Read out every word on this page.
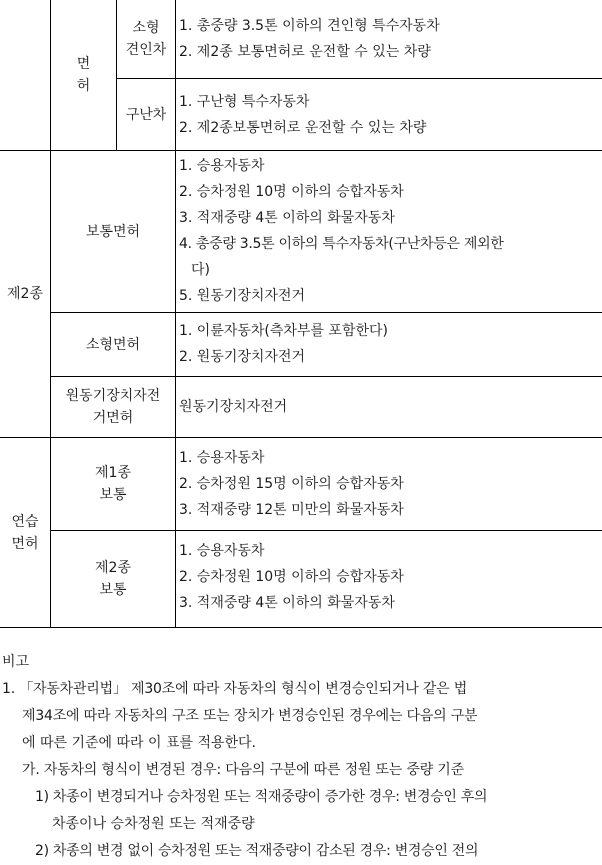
면
허
소형
견인차
1. 총중량 3.5톤 이하의 견인형 특수자동차
2. 제2종 보통면허로 운전할 수 있는 차량
구난차
1. 구난형 특수자동차
2. 제2종보통면허로 운전할 수 있는 차량
제2종
보통면허
1. 승용자동차
2. 승차정원 10명 이하의 승합자동차
3. 적재중량 4톤 이하의 화물자동차
4. 총중량 3.5톤 이하의 특수자동차(구난차등은 제외한
다)
5. 원동기장치자전거
소형면허
1. 이륜자동차(측차부를 포함한다)
2. 원동기장치자전거
원동기장치자전
거면허
원동기장치자전거
연습
면허
제1종
보통
1. 승용자동차
2. 승차정원 15명 이하의 승합자동차
3. 적재중량 12톤 미만의 화물자동차
제2종
보통
1. 승용자동차
2. 승차정원 10명 이하의 승합자동차
3. 적재중량 4톤 이하의 화물자동차
비고
1. 「자동차관리법」 제30조에 따라 자동차의 형식이 변경승인되거나 같은 법
제34조에 따라 자동차의 구조 또는 장치가 변경승인된 경우에는 다음의 구분
에 따른 기준에 따라 이 표를 적용한다.
가. 자동차의 형식이 변경된 경우: 다음의 구분에 따른 정원 또는 중량 기준
1) 차종이 변경되거나 승차정원 또는 적재중량이 증가한 경우: 변경승인 후의
차종이나 승차정원 또는 적재중량
2) 차종의 변경 없이 승차정원 또는 적재중량이 감소된 경우: 변경승인 전의
